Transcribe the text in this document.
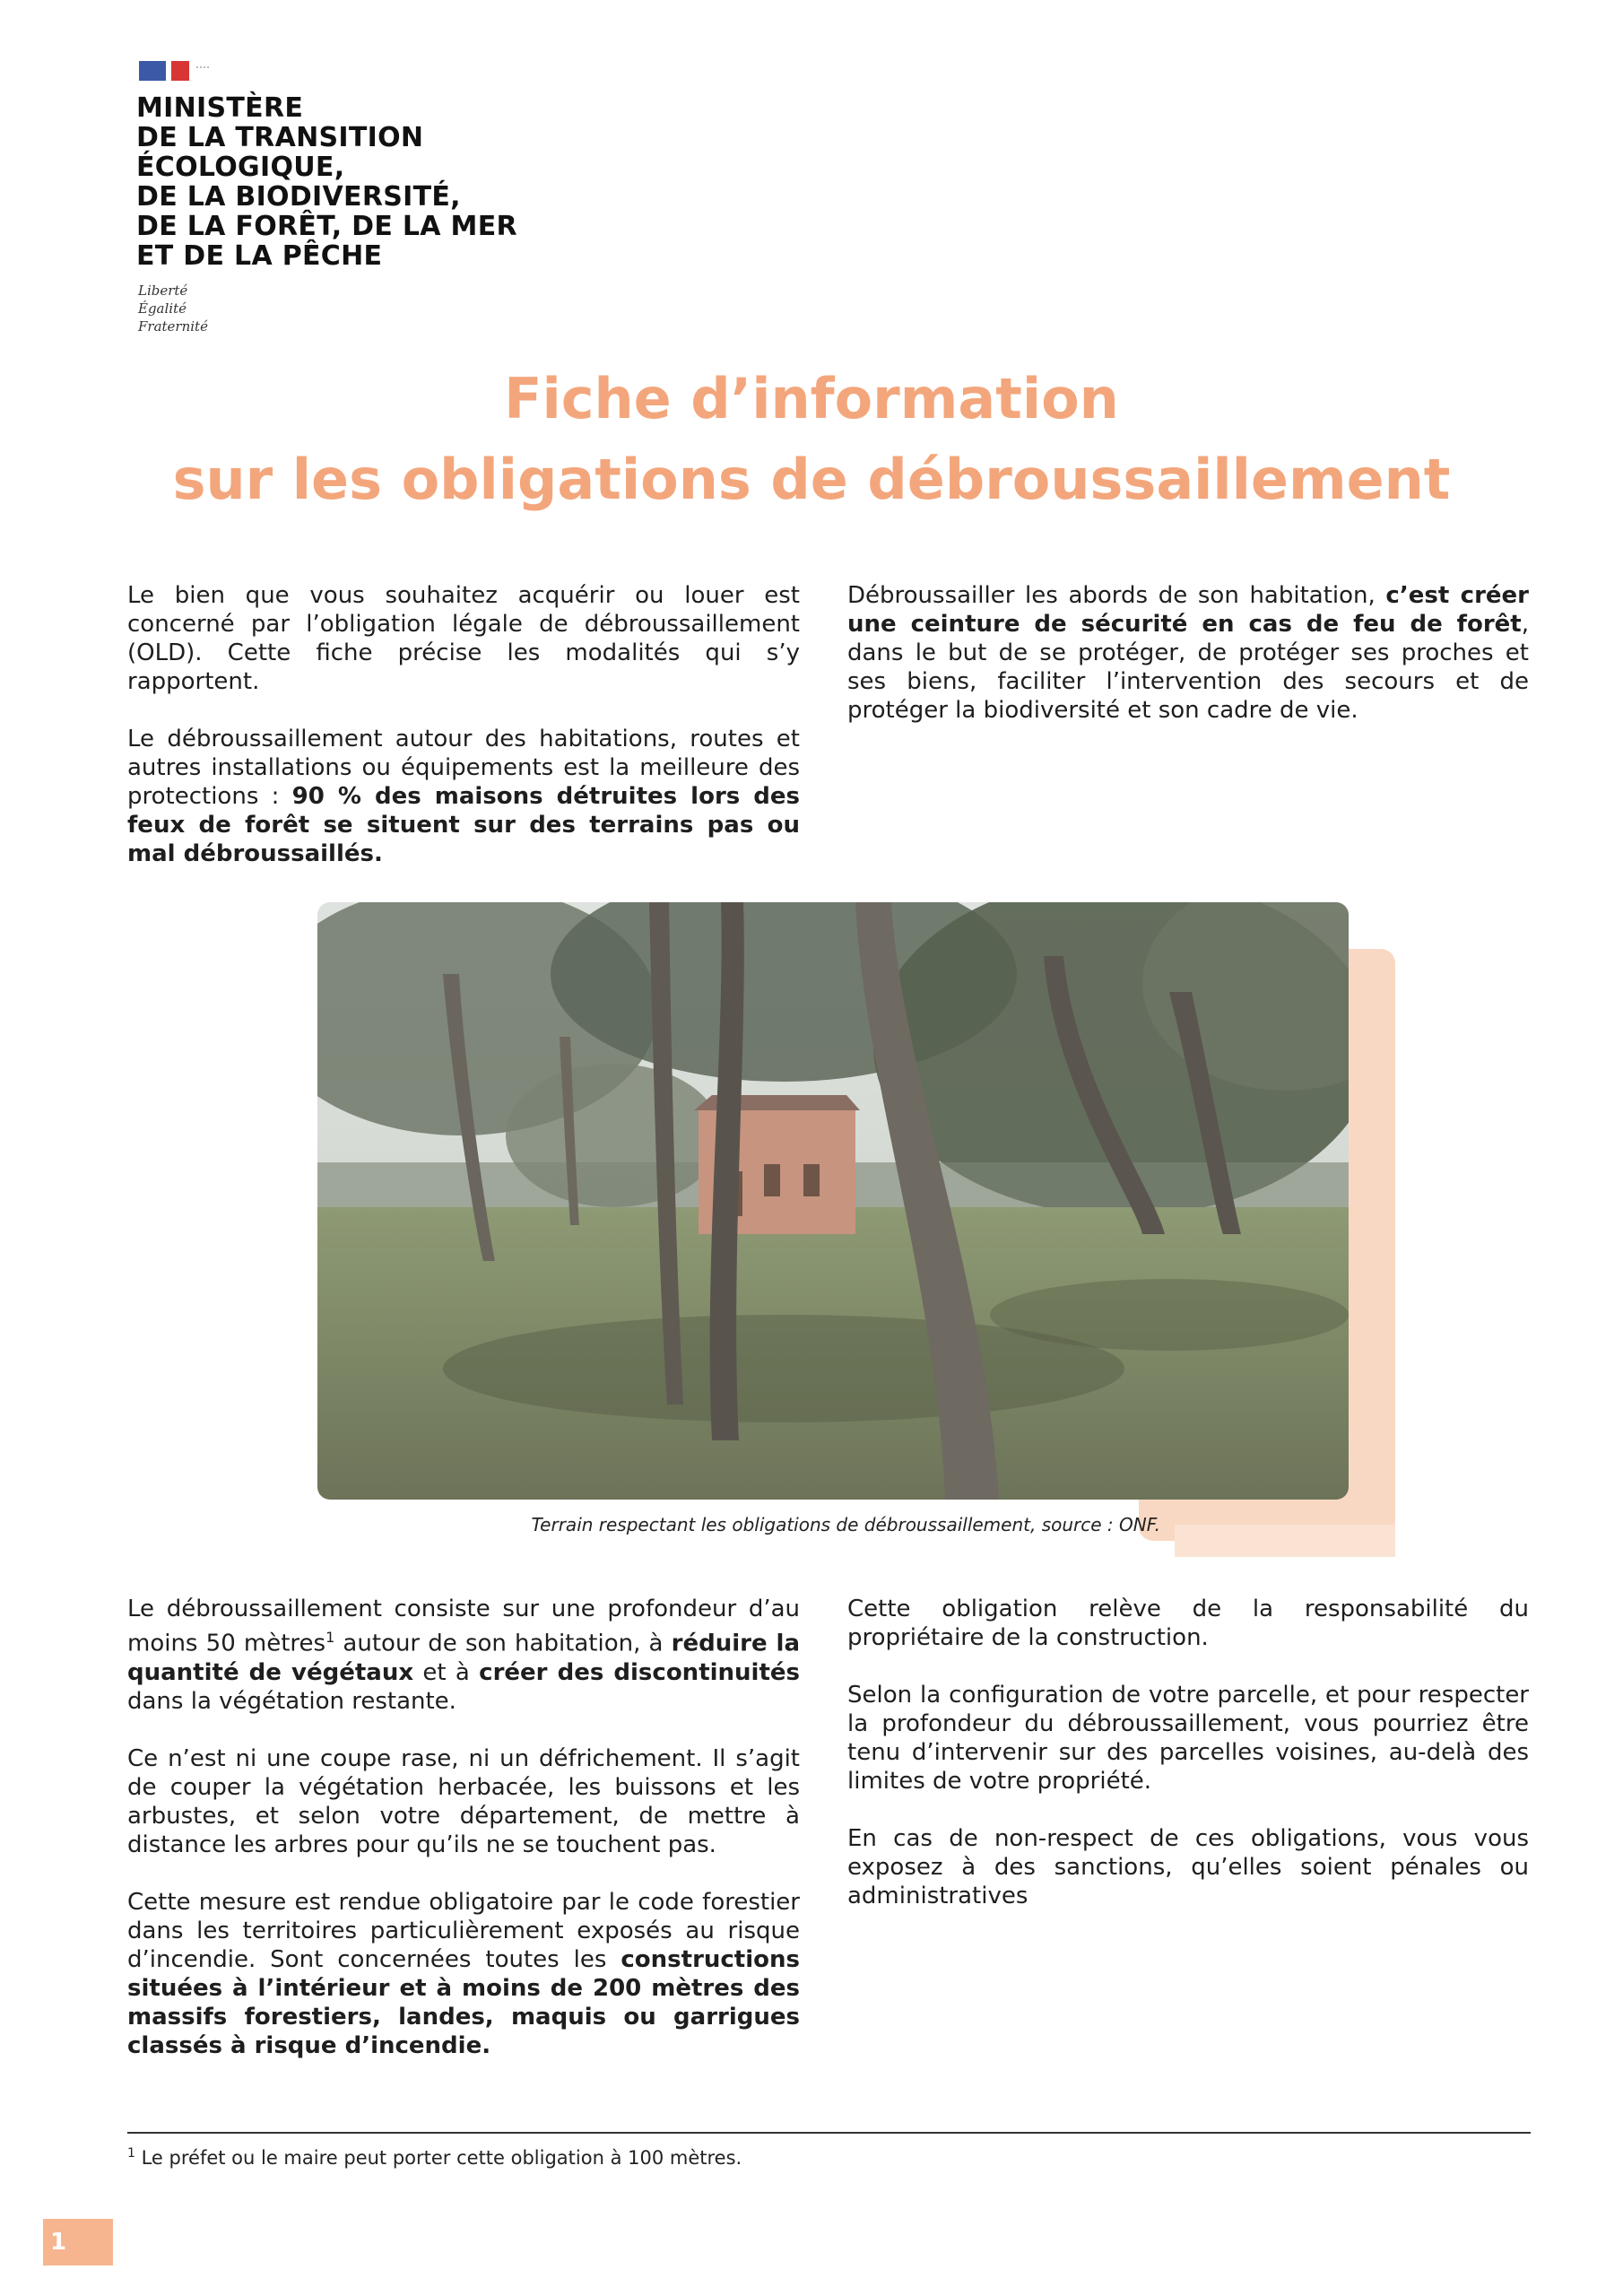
MINISTÈRE
DE LA TRANSITION
ÉCOLOGIQUE,
DE LA BIODIVERSITÉ,
DE LA FORÊT, DE LA MER
ET DE LA PÊCHE
Liberté
Égalité
Fraternité
Fiche d’information
sur les obligations de débroussaillement

Le bien que vous souhaitez acquérir ou louer est concerné par l’obligation légale de débroussaillement (OLD). Cette fiche précise les modalités qui s’y rapportent.

Le débroussaillement autour des habitations, routes et autres installations ou équipements est la meilleure des protections : 90 % des maisons détruites lors des feux de forêt se situent sur des terrains pas ou mal débroussaillés.

Débroussailler les abords de son habitation, c’est créer une ceinture de sécurité en cas de feu de forêt, dans le but de se protéger, de protéger ses proches et ses biens, faciliter l’intervention des secours et de protéger la biodiversité et son cadre de vie.

Terrain respectant les obligations de débroussaillement, source : ONF.

Le débroussaillement consiste sur une profondeur d’au moins 50 mètres$^1$ autour de son habitation, à réduire la quantité de végétaux et à créer des discontinuités dans la végétation restante.

Ce n’est ni une coupe rase, ni un défrichement. Il s’agit de couper la végétation herbacée, les buissons et les arbustes, et selon votre département, de mettre à distance les arbres pour qu’ils ne se touchent pas.

Cette mesure est rendue obligatoire par le code forestier dans les territoires particulièrement exposés au risque d’incendie. Sont concernées toutes les constructions situées à l’intérieur et à moins de 200 mètres des massifs forestiers, landes, maquis ou garrigues classés à risque d’incendie.

Cette obligation relève de la responsabilité du propriétaire de la construction.

Selon la configuration de votre parcelle, et pour respecter la profondeur du débroussaillement, vous pourriez être tenu d’intervenir sur des parcelles voisines, au-delà des limites de votre propriété.

En cas de non-respect de ces obligations, vous vous exposez à des sanctions, qu’elles soient pénales ou administratives

$^1$ Le préfet ou le maire peut porter cette obligation à 100 mètres.
1
